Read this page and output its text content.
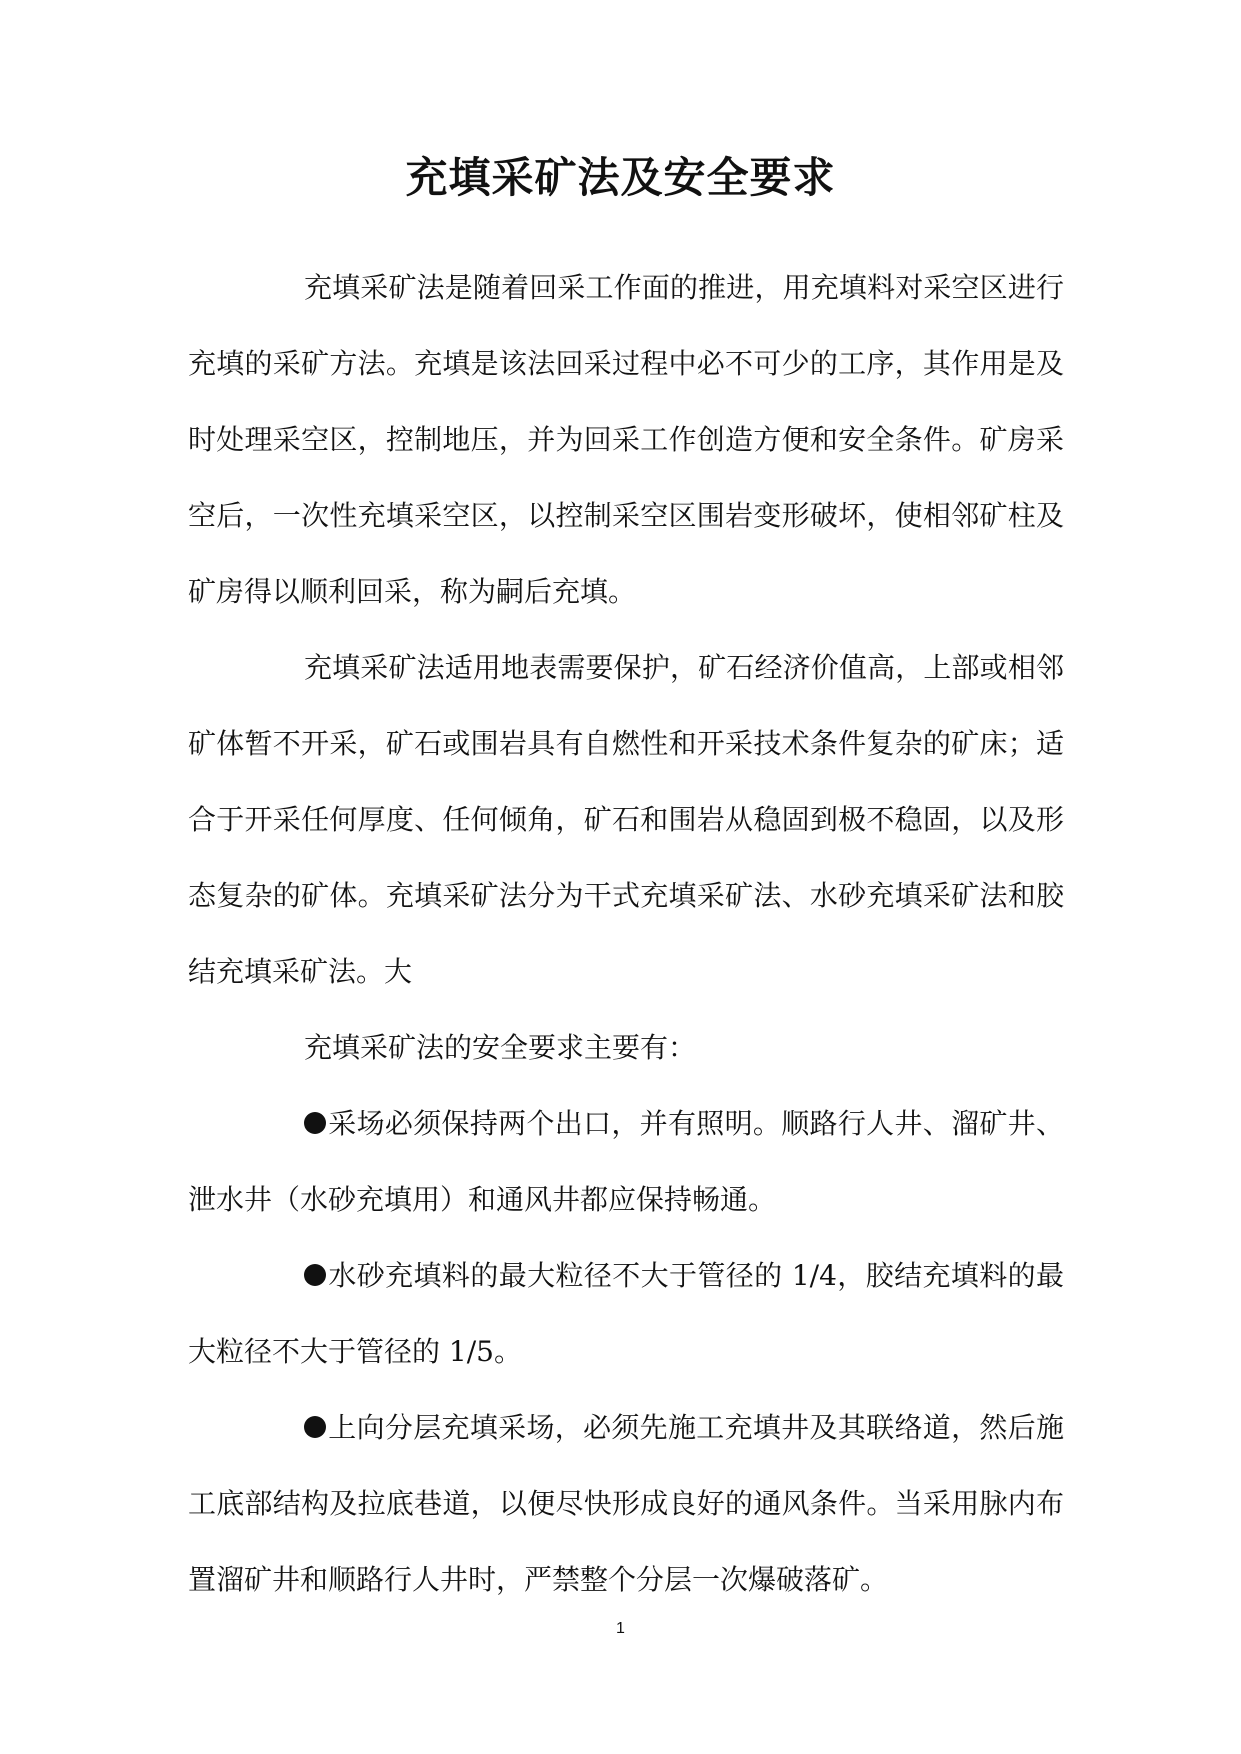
充填采矿法及安全要求

充填采矿法是随着回采工作面的推进，用充填料对采空区进行充填的采矿方法。充填是该法回采过程中必不可少的工序，其作用是及时处理采空区，控制地压，并为回采工作创造方便和安全条件。矿房采空后，一次性充填采空区，以控制采空区围岩变形破坏，使相邻矿柱及矿房得以顺利回采，称为嗣后充填。

充填采矿法适用地表需要保护，矿石经济价值高，上部或相邻矿体暂不开采，矿石或围岩具有自燃性和开采技术条件复杂的矿床；适合于开采任何厚度、任何倾角，矿石和围岩从稳固到极不稳固，以及形态复杂的矿体。充填采矿法分为干式充填采矿法、水砂充填采矿法和胶结充填采矿法。大

充填采矿法的安全要求主要有：

采场必须保持两个出口，并有照明。顺路行人井、溜矿井、泄水井（水砂充填用）和通风井都应保持畅通。

水砂充填料的最大粒径不大于管径的 1/4，胶结充填料的最大粒径不大于管径的 1/5。

上向分层充填采场，必须先施工充填井及其联络道，然后施工底部结构及拉底巷道，以便尽快形成良好的通风条件。当采用脉内布置溜矿井和顺路行人井时，严禁整个分层一次爆破落矿。

1
